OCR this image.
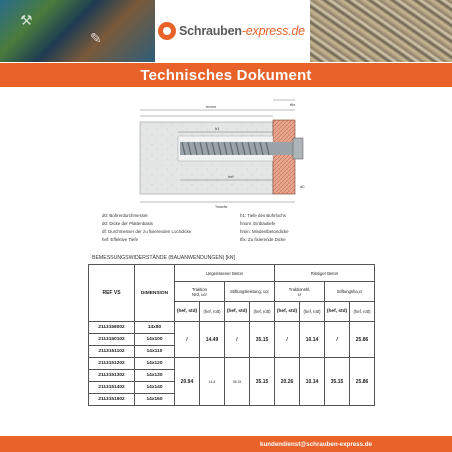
⚒
✎	Schrauben-express.de
Technisches Dokument
tfix
hnom
h1
hef
d0
Tmaxfix
d0: Bohrerdurchmesser
d0: Dicke der Plattenbasis
df: Durchmesser der zu fixierenden Lochdicke
hef: Effektive Tiefe
h1: Tiefe des Bohrlochs
hnom: Einbautiefe
hmin: Mindestbetondicke
tfix: Zu fixierende Dicke
BEMESSUNGSWIDERSTÄNDE (BAUANWENDUNGEN) [kN]
REF VS	DIMENSION	Ungerissener Beton				Rissiger Beton			
		Traktion
Nrd, ucr		Stiftungsleistung, ucr		Traktionshl,
cr		Stiftungsha,cr	
		(hef, std)	(hef, rott)	(hef, std)	(hef, rott)	(hef, std)	(hef, rott)	(hef, std)	(hef, rott)
2113158002	14x80	/	14.49	/	35.15	/	10.14	/	25.86
2113150102	14x100								
2113151102	14x110								
2113151202	14x120	20.94	14.4	35.15	35.15	20.26	10.14	35.15	25.86
2113151302	14x130								
2113151402	14x140								
2113151602	14x160								
kundendienst@schrauben-express.de
